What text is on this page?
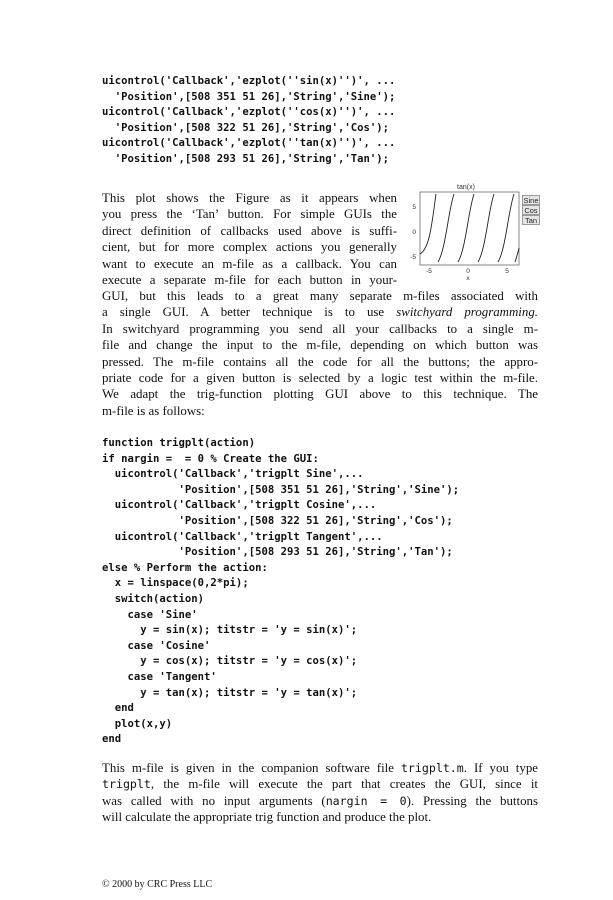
uicontrol('Callback','ezplot(''sin(x)'')', ...
'Position',[508 351 51 26],'String','Sine');
uicontrol('Callback','ezplot(''cos(x)'')', ...
'Position',[508 322 51 26],'String','Cos');
uicontrol('Callback','ezplot(''tan(x)'')', ...
'Position',[508 293 51 26],'String','Tan');
This plot shows the Figure as it appears when
you press the ‘Tan’ button. For simple GUIs the
direct definition of callbacks used above is suffi-
cient, but for more complex actions you generally
want to execute an m-file as a callback. You can
execute a separate m-file for each button in your-
GUI, but this leads to a great many separate m-files associated with
a single GUI. A better technique is to use switchyard programming.
In switchyard programming you send all your callbacks to a single m-
file and change the input to the m-file, depending on which button was
pressed. The m-file contains all the code for all the buttons; the appro-
priate code for a given button is selected by a logic test within the m-file.
We adapt the trig-function plotting GUI above to this technique. The
m-file is as follows:
tan(x)
5
0
-5
-5	0	5
x
Sine
Cos
Tan
function trigplt(action)
if nargin =  = 0 % Create the GUI:
uicontrol('Callback','trigplt Sine',...
'Position',[508 351 51 26],'String','Sine');
uicontrol('Callback','trigplt Cosine',...
'Position',[508 322 51 26],'String','Cos');
uicontrol('Callback','trigplt Tangent',...
'Position',[508 293 51 26],'String','Tan');
else % Perform the action:
x = linspace(0,2*pi);
switch(action)
case 'Sine'
y = sin(x); titstr = 'y = sin(x)';
case 'Cosine'
y = cos(x); titstr = 'y = cos(x)';
case 'Tangent'
y = tan(x); titstr = 'y = tan(x)';
end
plot(x,y)
end
This m-file is given in the companion software file trigplt.m. If you type
trigplt, the m-file will execute the part that creates the GUI, since it
was called with no input arguments (nargin = 0). Pressing the buttons
will calculate the appropriate trig function and produce the plot.
© 2000 by CRC Press LLC
